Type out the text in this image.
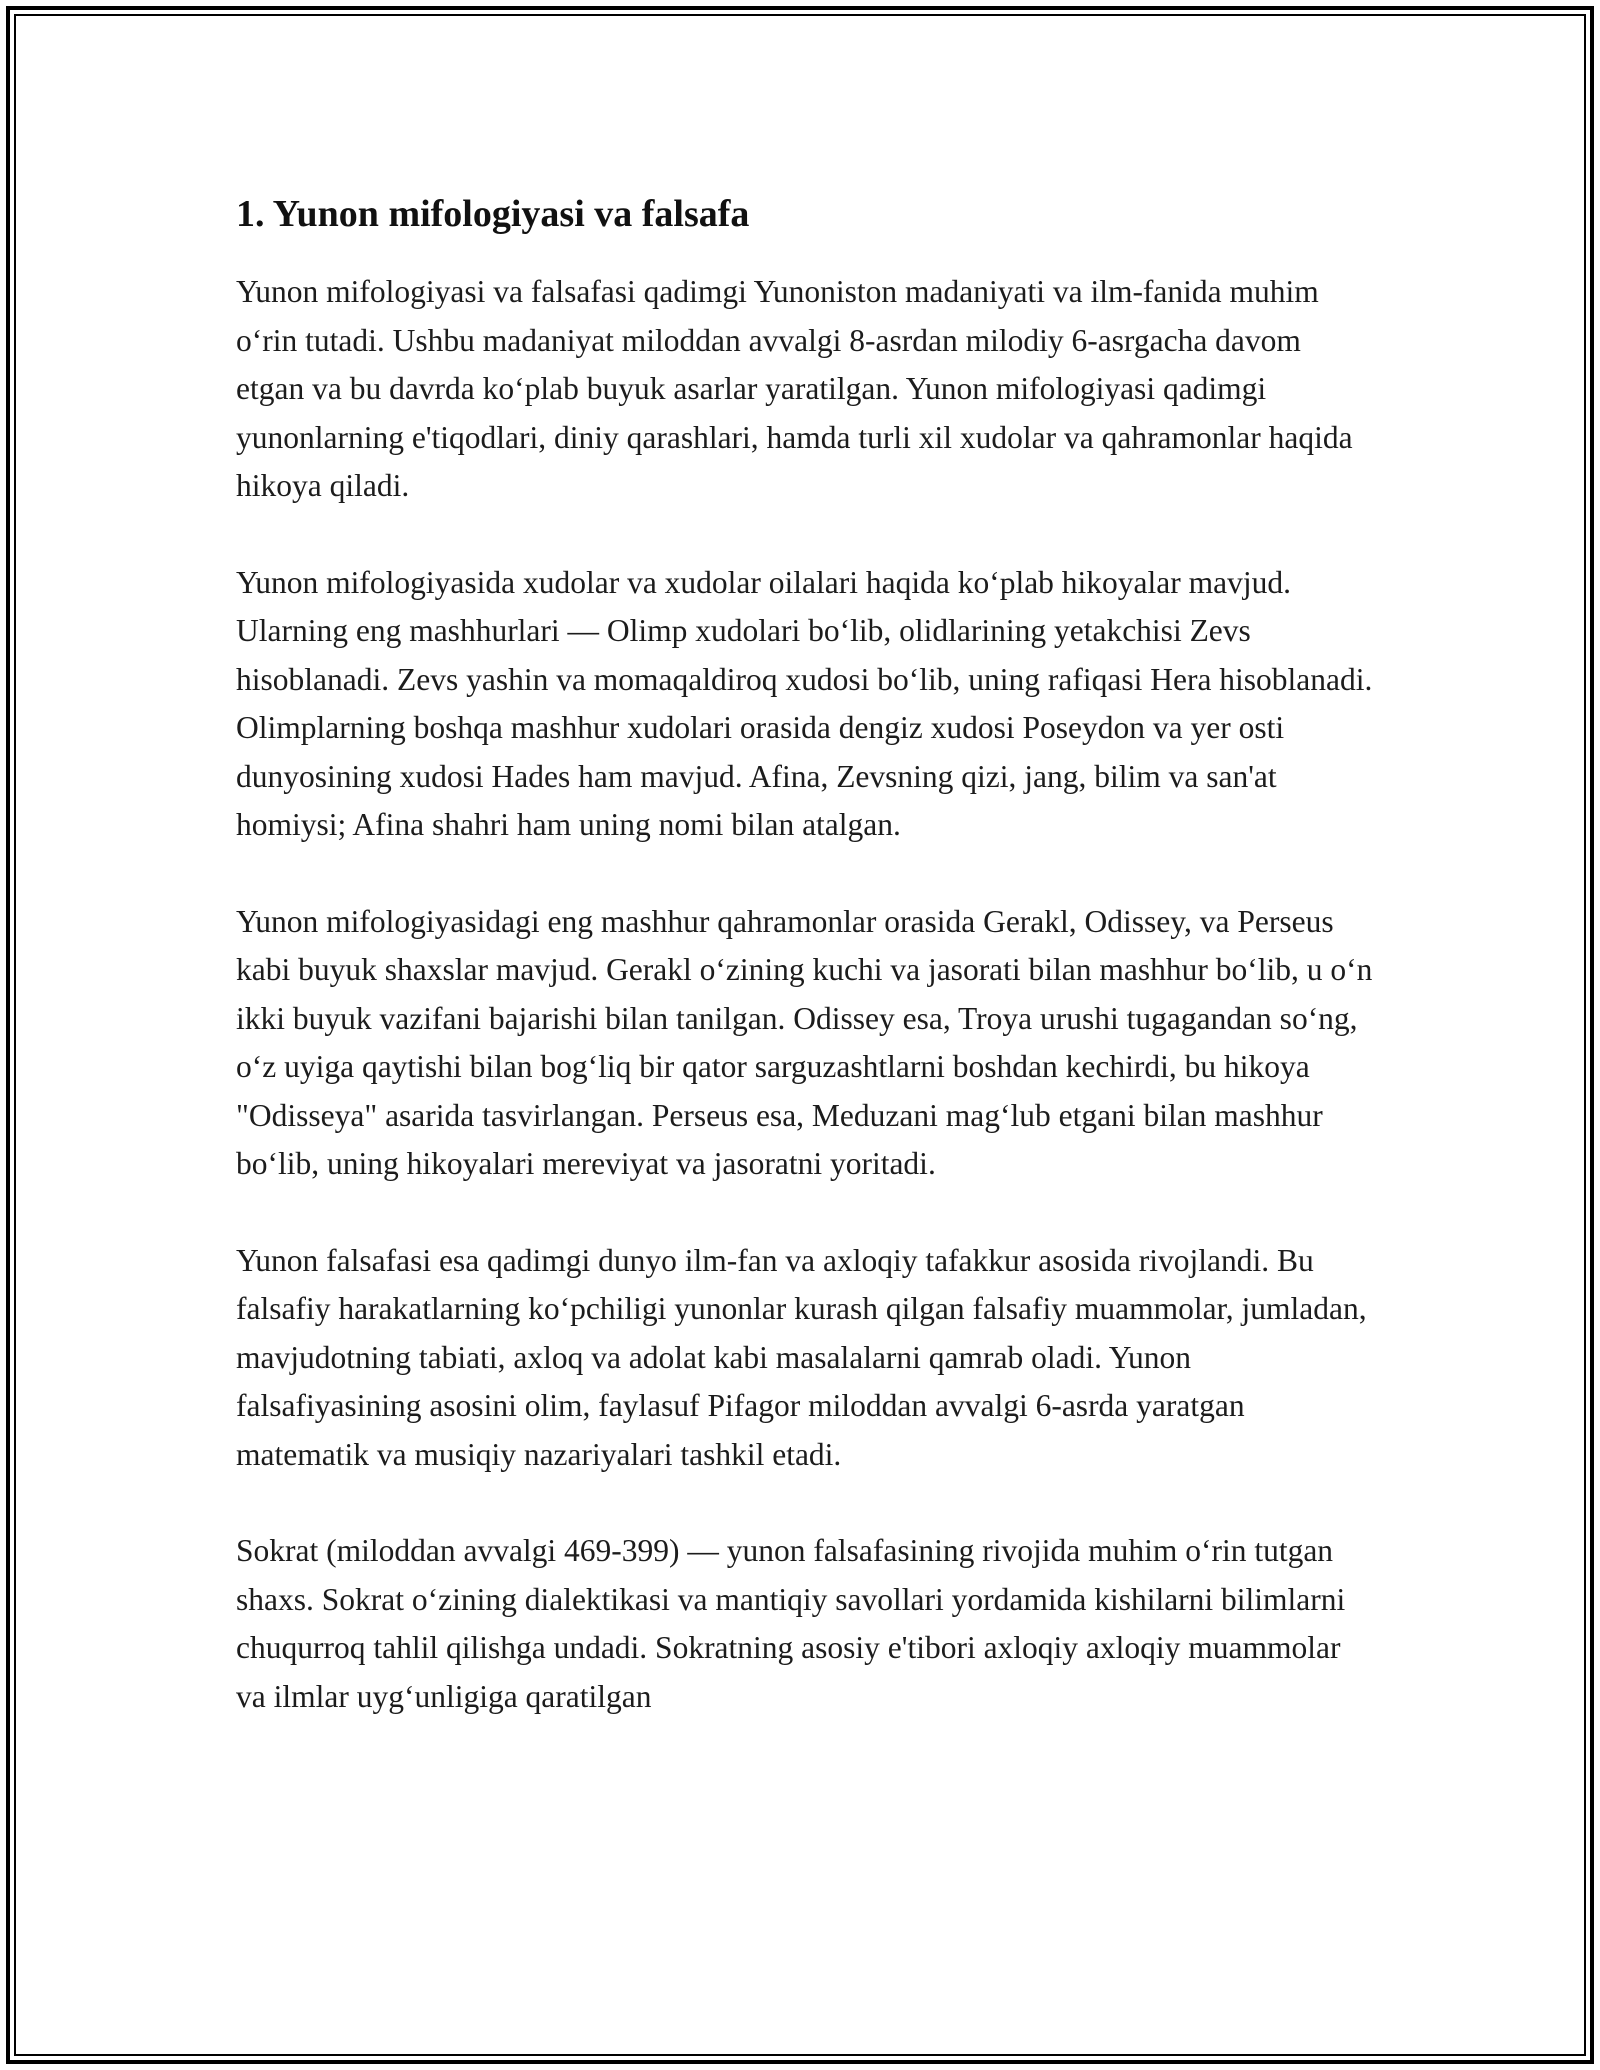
1. Yunon mifologiyasi va falsafa

Yunon mifologiyasi va falsafasi qadimgi Yunoniston madaniyati va ilm-fanida muhim oʻrin tutadi. Ushbu madaniyat miloddan avvalgi 8-asrdan milodiy 6-asrgacha davom etgan va bu davrda koʻplab buyuk asarlar yaratilgan. Yunon mifologiyasi qadimgi yunonlarning e'tiqodlari, diniy qarashlari, hamda turli xil xudolar va qahramonlar haqida hikoya qiladi.

Yunon mifologiyasida xudolar va xudolar oilalari haqida koʻplab hikoyalar mavjud. Ularning eng mashhurlari — Olimp xudolari boʻlib, olidlarining yetakchisi Zevs hisoblanadi. Zevs yashin va momaqaldiroq xudosi boʻlib, uning rafiqasi Hera hisoblanadi. Olimplarning boshqa mashhur xudolari orasida dengiz xudosi Poseydon va yer osti dunyosining xudosi Hades ham mavjud. Afina, Zevsning qizi, jang, bilim va san'at homiysi; Afina shahri ham uning nomi bilan atalgan.

Yunon mifologiyasidagi eng mashhur qahramonlar orasida Gerakl, Odissey, va Perseus kabi buyuk shaxslar mavjud. Gerakl oʻzining kuchi va jasorati bilan mashhur boʻlib, u oʻn ikki buyuk vazifani bajarishi bilan tanilgan. Odissey esa, Troya urushi tugagandan soʻng, oʻz uyiga qaytishi bilan bogʻliq bir qator sarguzashtlarni boshdan kechirdi, bu hikoya "Odisseya" asarida tasvirlangan. Perseus esa, Meduzani magʻlub etgani bilan mashhur boʻlib, uning hikoyalari mereviyat va jasoratni yoritadi.

Yunon falsafasi esa qadimgi dunyo ilm-fan va axloqiy tafakkur asosida rivojlandi. Bu falsafiy harakatlarning koʻpchiligi yunonlar kurash qilgan falsafiy muammolar, jumladan, mavjudotning tabiati, axloq va adolat kabi masalalarni qamrab oladi. Yunon falsafiyasining asosini olim, faylasuf Pifagor miloddan avvalgi 6-asrda yaratgan matematik va musiqiy nazariyalari tashkil etadi.

Sokrat (miloddan avvalgi 469-399) — yunon falsafasining rivojida muhim oʻrin tutgan shaxs. Sokrat oʻzining dialektikasi va mantiqiy savollari yordamida kishilarni bilimlarni chuqurroq tahlil qilishga undadi. Sokratning asosiy e'tibori axloqiy axloqiy muammolar va ilmlar uygʻunligiga qaratilgan
